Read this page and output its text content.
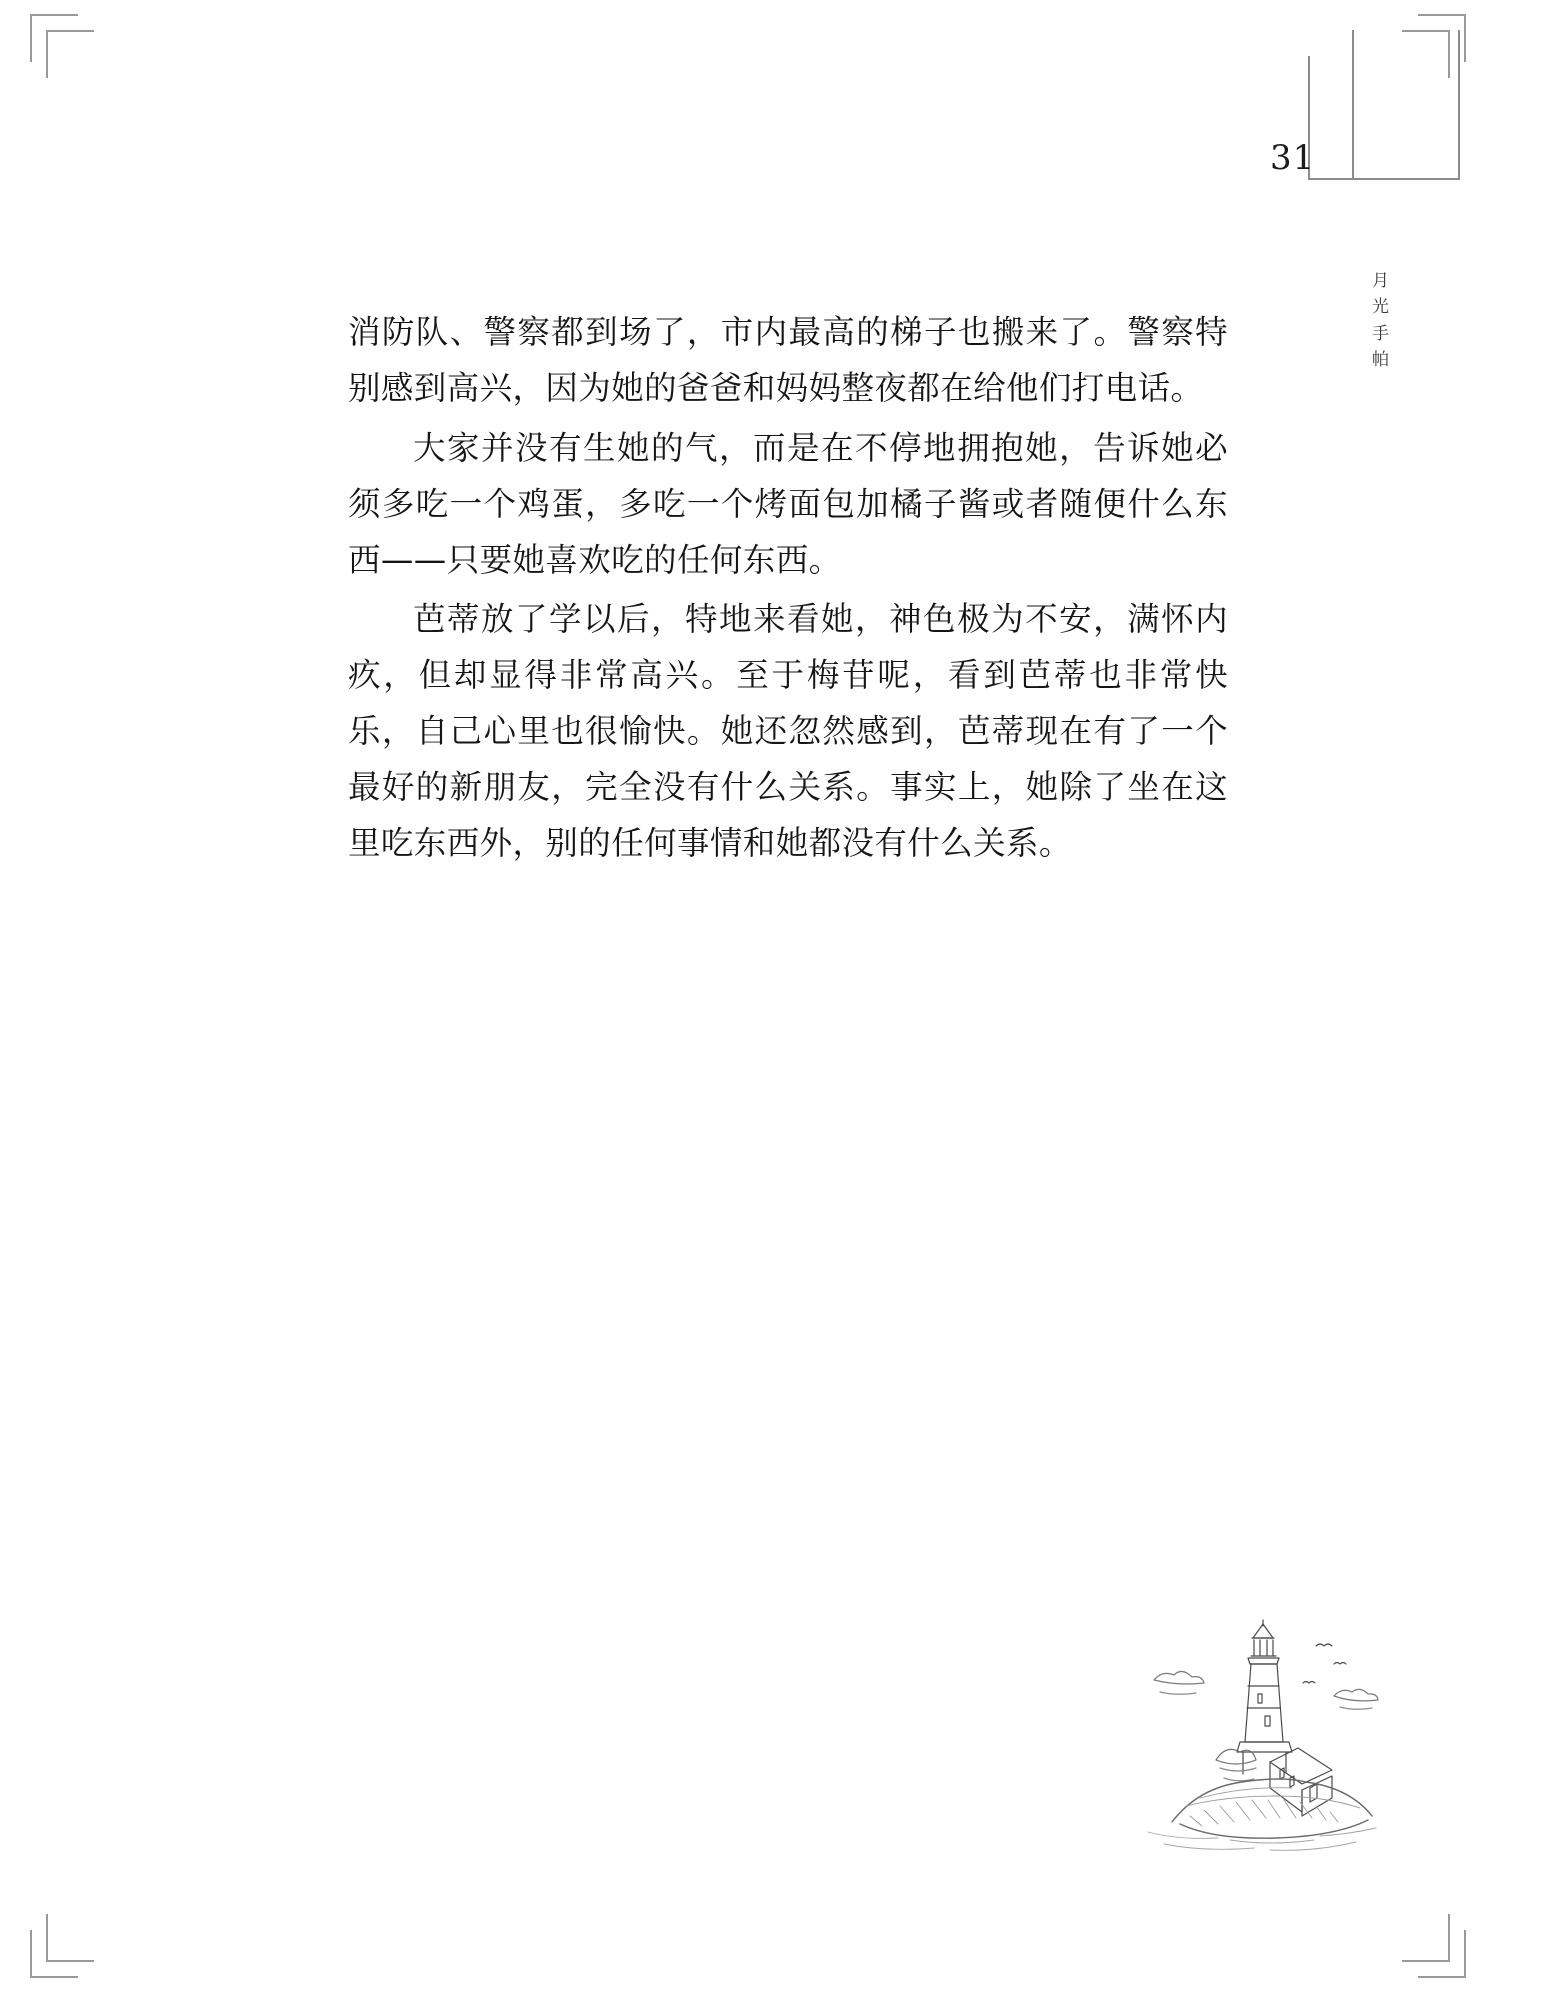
31
月
光
手
帕

消防队、警察都到场了，市内最高的梯子也搬来了。警察特别感到高兴，因为她的爸爸和妈妈整夜都在给他们打电话。

大家并没有生她的气，而是在不停地拥抱她，告诉她必须多吃一个鸡蛋，多吃一个烤面包加橘子酱或者随便什么东西——只要她喜欢吃的任何东西。

芭蒂放了学以后，特地来看她，神色极为不安，满怀内疚，但却显得非常高兴。至于梅苷呢，看到芭蒂也非常快乐，自己心里也很愉快。她还忽然感到，芭蒂现在有了一个最好的新朋友，完全没有什么关系。事实上，她除了坐在这里吃东西外，别的任何事情和她都没有什么关系。
